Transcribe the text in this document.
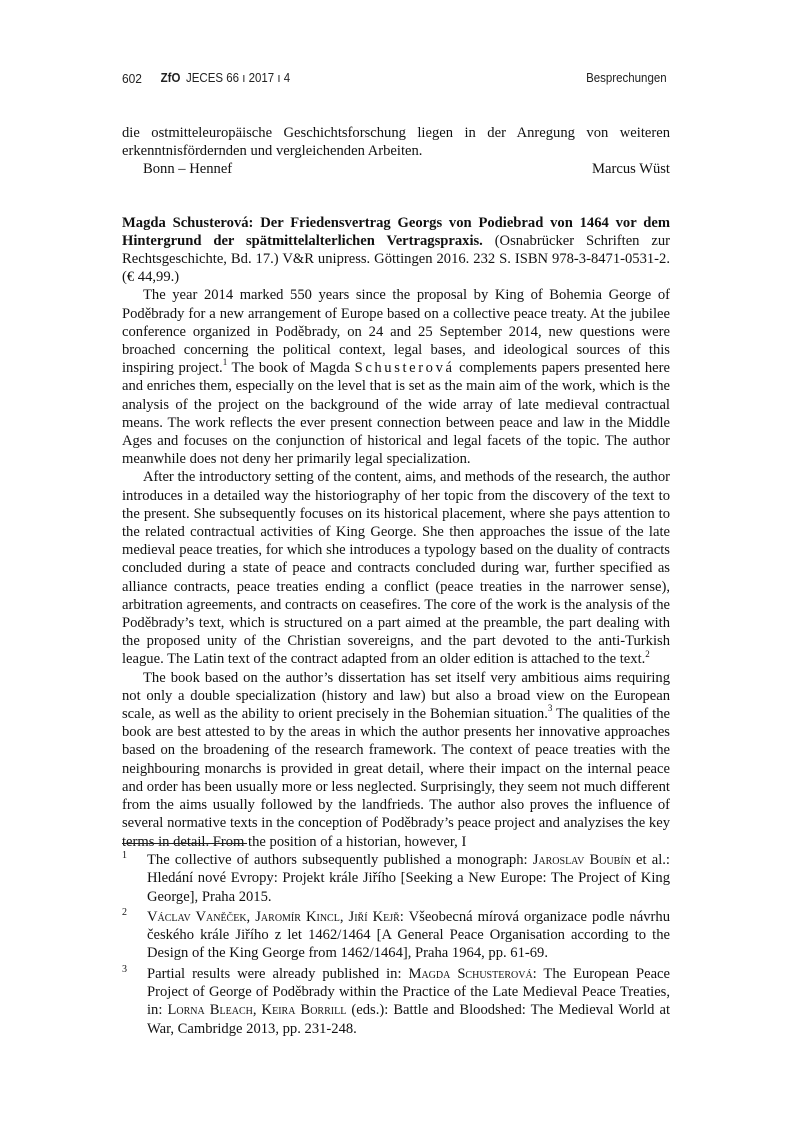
602 ZfO JECES 66 ı 2017 ı 4	Besprechungen

die ostmitteleuropäische Geschichtsforschung liegen in der Anregung von weiteren erkenntnisfördernden und vergleichenden Arbeiten.

Bonn – Hennef	Marcus Wüst

Magda Schusterová: Der Friedensvertrag Georgs von Podiebrad von 1464 vor dem Hintergrund der spätmittelalterlichen Vertragspraxis. (Osnabrücker Schriften zur Rechtsgeschichte, Bd. 17.) V&R unipress. Göttingen 2016. 232 S. ISBN 978-3-8471-0531-2. (€ 44,99.)

The year 2014 marked 550 years since the proposal by King of Bohemia George of Poděbrady for a new arrangement of Europe based on a collective peace treaty. At the jubilee conference organized in Poděbrady, on 24 and 25 September 2014, new questions were broached concerning the political context, legal bases, and ideological sources of this inspiring project.$^1$ The book of Magda Schusterová complements papers presented here and enriches them, especially on the level that is set as the main aim of the work, which is the analysis of the project on the background of the wide array of late medieval contractual means. The work reflects the ever present connection between peace and law in the Middle Ages and focuses on the conjunction of historical and legal facets of the topic. The author meanwhile does not deny her primarily legal specialization.

After the introductory setting of the content, aims, and methods of the research, the author introduces in a detailed way the historiography of her topic from the discovery of the text to the present. She subsequently focuses on its historical placement, where she pays attention to the related contractual activities of King George. She then approaches the issue of the late medieval peace treaties, for which she introduces a typology based on the duality of contracts concluded during a state of peace and contracts concluded during war, further specified as alliance contracts, peace treaties ending a conflict (peace treaties in the narrower sense), arbitration agreements, and contracts on ceasefires. The core of the work is the analysis of the Poděbrady’s text, which is structured on a part aimed at the preamble, the part dealing with the proposed unity of the Christian sovereigns, and the part devoted to the anti-Turkish league. The Latin text of the contract adapted from an older edition is attached to the text.$^2$

The book based on the author’s dissertation has set itself very ambitious aims requiring not only a double specialization (history and law) but also a broad view on the European scale, as well as the ability to orient precisely in the Bohemian situation.$^3$ The qualities of the book are best attested to by the areas in which the author presents her innovative approaches based on the broadening of the research framework. The context of peace treaties with the neighbouring monarchs is provided in great detail, where their impact on the internal peace and order has been usually more or less neglected. Surprisingly, they seem not much different from the aims usually followed by the landfrieds. The author also proves the influence of several normative texts in the conception of Poděbrady’s peace project and analyzises the key terms in detail. From the position of a historian, however, I

1 The collective of authors subsequently published a monograph: Jaroslav Boubín et al.: Hledání nové Evropy: Projekt krále Jiřího [Seeking a New Europe: The Project of King George], Praha 2015.
2 Václav Vaněček, Jaromír Kincl, Jiří Kejř: Všeobecná mírová organizace podle návrhu českého krále Jiřího z let 1462/1464 [A General Peace Organisation according to the Design of the King George from 1462/1464], Praha 1964, pp. 61-69.
3 Partial results were already published in: Magda Schusterová: The European Peace Project of George of Poděbrady within the Practice of the Late Medieval Peace Treaties, in: Lorna Bleach, Keira Borrill (eds.): Battle and Bloodshed: The Medieval World at War, Cambridge 2013, pp. 231-248.
